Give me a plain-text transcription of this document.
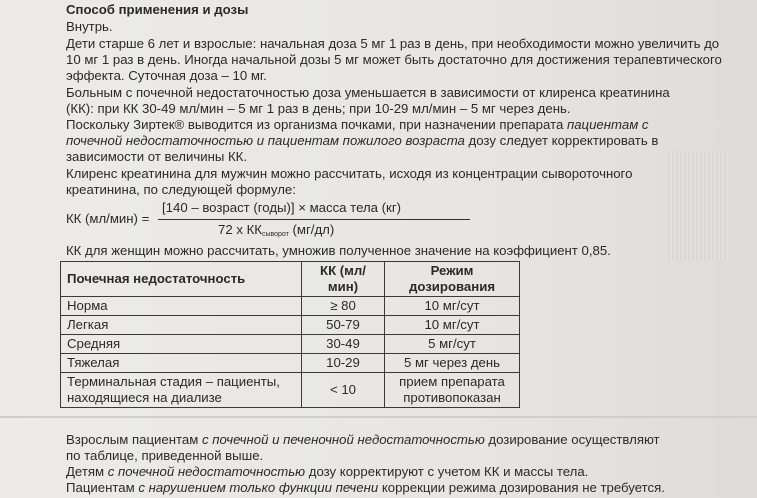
Способ применения и дозы
Внутрь.
Дети старше 6 лет и взрослые: начальная доза 5 мг 1 раз в день, при необходимости можно увеличить до
10 мг 1 раз в день. Иногда начальной дозы 5 мг может быть достаточно для достижения терапевтического
эффекта. Суточная доза – 10 мг.
Больным с почечной недостаточностью доза уменьшается в зависимости от клиренса креатинина
(КК): при КК 30-49 мл/мин – 5 мг 1 раз в день; при 10-29 мл/мин – 5 мг через день.
Поскольку Зиртек® выводится из организма почками, при назначении препарата пациентам с
почечной недостаточностью и пациентам пожилого возраста дозу следует корректировать в
зависимости от величины КК.
Клиренс креатинина для мужчин можно рассчитать, исходя из концентрации сывороточного
креатинина, по следующей формуле:
КК (мл/мин) =
[140 – возраст (годы)] × масса тела (кг)
72 х $КК_{сыворот}$ (мг/дл)
КК для женщин можно рассчитать, умножив полученное значение на коэффициент 0,85.
Почечная недостаточность	КК (мл/
мин)	Режим
дозирования
Норма	≥ 80	10 мг/сут
Легкая	50-79	10 мг/сут
Средняя	30-49	5 мг/сут
Тяжелая	10-29	5 мг через день
Терминальная стадия – пациенты,
находящиеся на диализе	< 10	прием препарата
противопоказан
Взрослым пациентам с почечной и печеночной недостаточностью дозирование осуществляют
по таблице, приведенной выше.
Детям с почечной недостаточностью дозу корректируют с учетом КК и массы тела.
Пациентам с нарушением только функции печени коррекции режима дозирования не требуется.
